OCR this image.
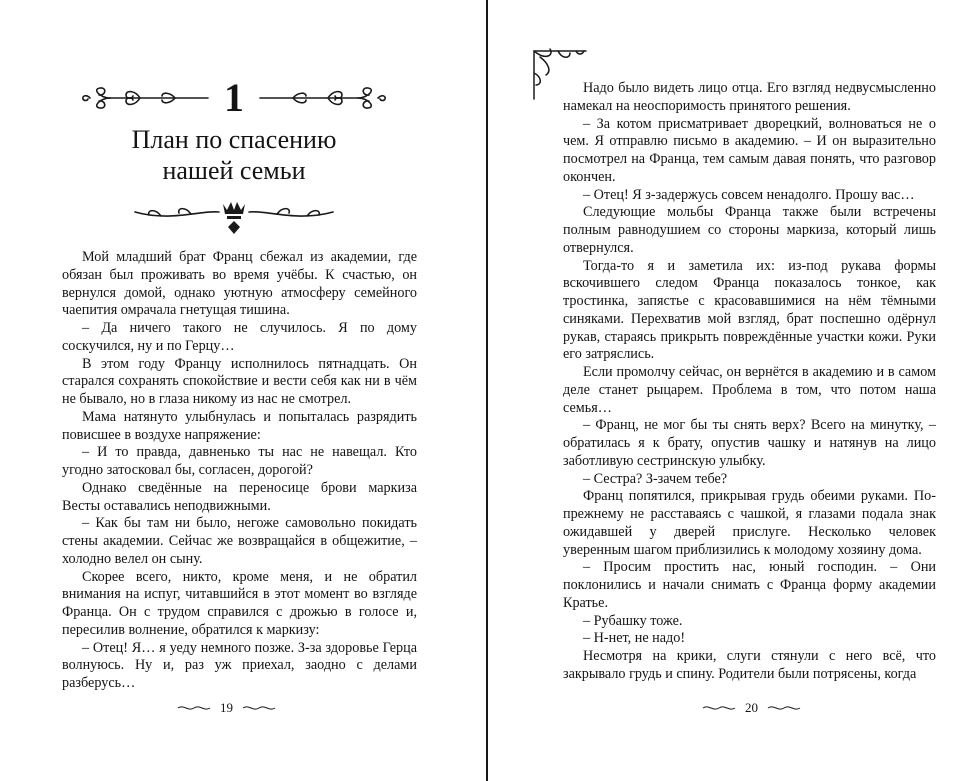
1
План по спасению
нашей семьи

Мой младший брат Франц сбежал из академии, где обязан был проживать во время учёбы. К счастью, он вернулся домой, однако уютную атмосферу семейного чаепития омрачала гнетущая тишина.

– Да ничего такого не случилось. Я по дому соскучился, ну и по Герцу…

В этом году Францу исполнилось пятнадцать. Он старался сохранять спокойствие и вести себя как ни в чём не бывало, но в глаза никому из нас не смотрел.

Мама натянуто улыбнулась и попыталась разрядить повисшее в воздухе напряжение:

– И то правда, давненько ты нас не навещал. Кто угодно затосковал бы, согласен, дорогой?

Однако сведённые на переносице брови маркиза Весты оставались неподвижными.

– Как бы там ни было, негоже самовольно покидать стены академии. Сейчас же возвращайся в общежитие, – холодно велел он сыну.

Скорее всего, никто, кроме меня, и не обратил внимания на испуг, читавшийся в этот момент во взгляде Франца. Он с трудом справился с дрожью в голосе и, пересилив волнение, обратился к маркизу:

– Отец! Я… я уеду немного позже. З-за здоровье Герца волнуюсь. Ну и, раз уж приехал, заодно с делами разберусь…

19

Надо было видеть лицо отца. Его взгляд недвусмысленно намекал на неоспоримость принятого решения.

– За котом присматривает дворецкий, волноваться не о чем. Я отправлю письмо в академию. – И он выразительно посмотрел на Франца, тем самым давая понять, что разговор окончен.

– Отец! Я з-задержусь совсем ненадолго. Прошу вас…

Следующие мольбы Франца также были встречены полным равнодушием со стороны маркиза, который лишь отвернулся.

Тогда-то я и заметила их: из-под рукава формы вскочившего следом Франца показалось тонкое, как тростинка, запястье с красовавшимися на нём тёмными синяками. Перехватив мой взгляд, брат поспешно одёрнул рукав, стараясь прикрыть повреждённые участки кожи. Руки его затряслись.

Если промолчу сейчас, он вернётся в академию и в самом деле станет рыцарем. Проблема в том, что потом наша семья…

– Франц, не мог бы ты снять верх? Всего на минутку, – обратилась я к брату, опустив чашку и натянув на лицо заботливую сестринскую улыбку.

– Сестра? З-зачем тебе?

Франц попятился, прикрывая грудь обеими руками. По-прежнему не расставаясь с чашкой, я глазами подала знак ожидавшей у дверей прислуге. Несколько человек уверенным шагом приблизились к молодому хозяину дома.

– Просим простить нас, юный господин. – Они поклонились и начали снимать с Франца форму академии Кратье.

– Рубашку тоже.

– Н-нет, не надо!

Несмотря на крики, слуги стянули с него всё, что закрывало грудь и спину. Родители были потрясены, когда

20
